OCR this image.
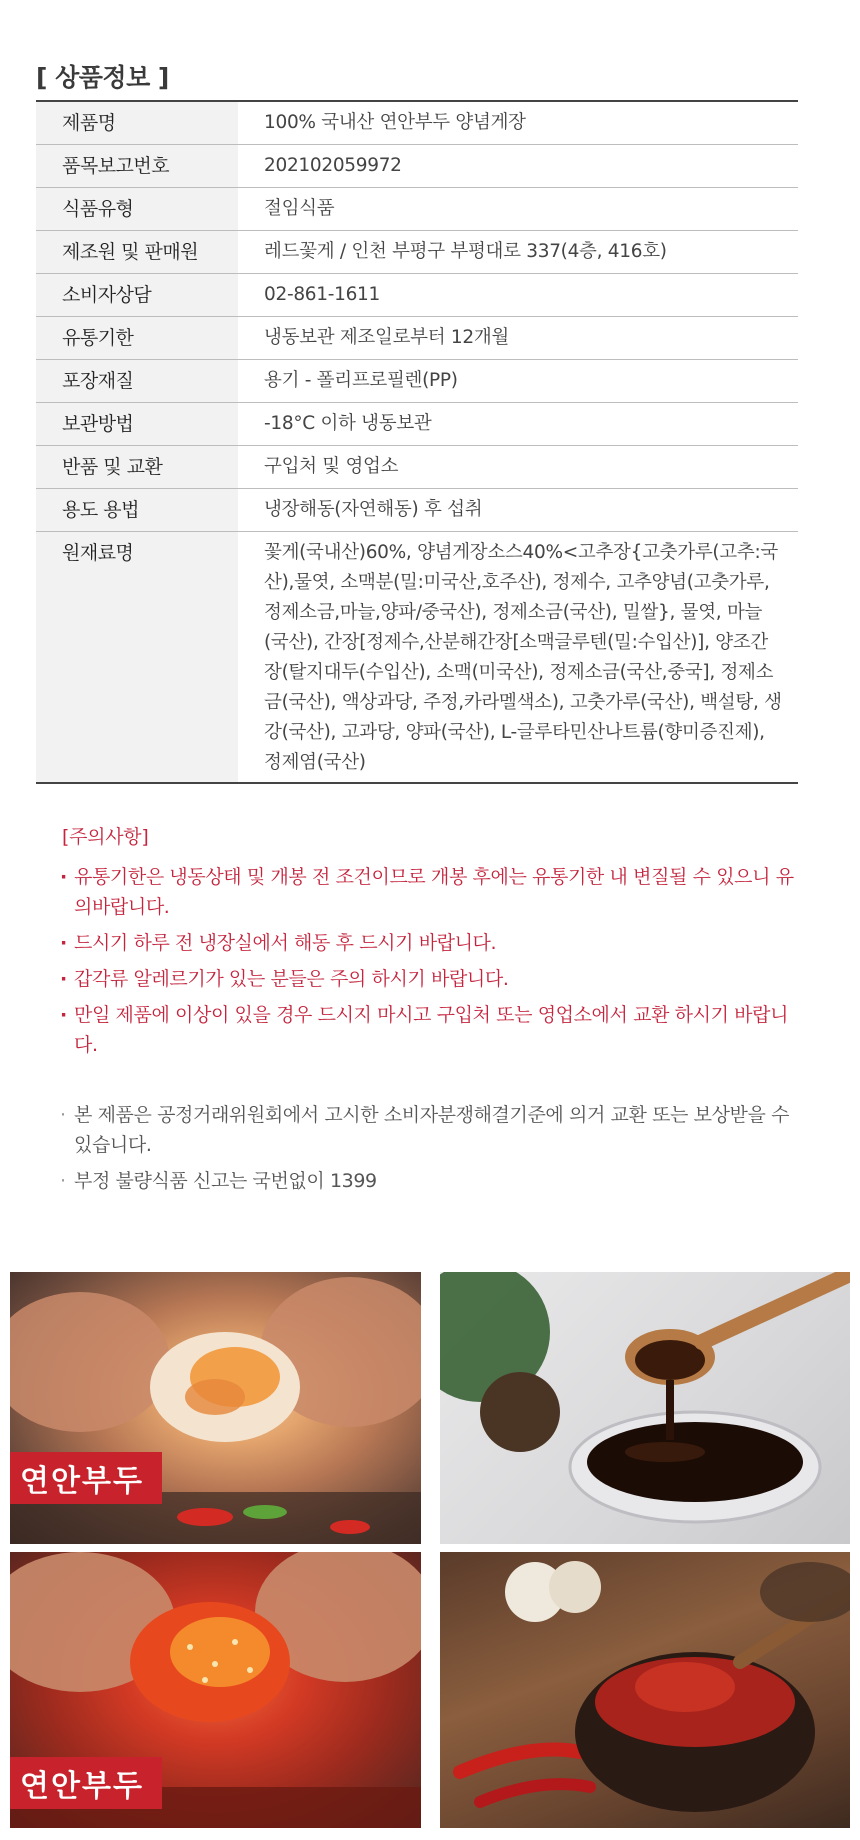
[ 상품정보 ]
제품명	100% 국내산 연안부두 양념게장
품목보고번호	202102059972
식품유형	절임식품
제조원 및 판매원	레드꽃게 / 인천 부평구 부평대로 337(4층, 416호)
소비자상담	02-861-1611
유통기한	냉동보관 제조일로부터 12개월
포장재질	용기 - 폴리프로필렌(PP)
보관방법	-18°C 이하 냉동보관
반품 및 교환	구입처 및 영업소
용도 용법	냉장해동(자연해동) 후 섭취
원재료명	꽃게(국내산)60%, 양념게장소스40%<고추장{고춧가루(고추:국산),물엿, 소맥분(밀:미국산,호주산), 정제수, 고추양념(고춧가루, 정제소금,마늘,양파/중국산), 정제소금(국산), 밀쌀}, 물엿, 마늘(국산), 간장[정제수,산분해간장[소맥글루텐(밀:수입산)], 양조간장(탈지대두(수입산), 소맥(미국산), 정제소금(국산,중국], 정제소금(국산), 액상과당, 주정,카라멜색소), 고춧가루(국산), 백설탕, 생강(국산), 고과당, 양파(국산), L-글루타민산나트륨(향미증진제), 정제염(국산)
[주의사항]
· 유통기한은 냉동상태 및 개봉 전 조건이므로 개봉 후에는 유통기한 내 변질될 수 있으니 유의바랍니다.
· 드시기 하루 전 냉장실에서 해동 후 드시기 바랍니다.
· 갑각류 알레르기가 있는 분들은 주의 하시기 바랍니다.
· 만일 제품에 이상이 있을 경우 드시지 마시고 구입처 또는 영업소에서 교환 하시기 바랍니다.
· 본 제품은 공정거래위원회에서 고시한 소비자분쟁해결기준에 의거 교환 또는 보상받을 수 있습니다.
· 부정 불량식품 신고는 국번없이 1399
연안부두
연안부두
